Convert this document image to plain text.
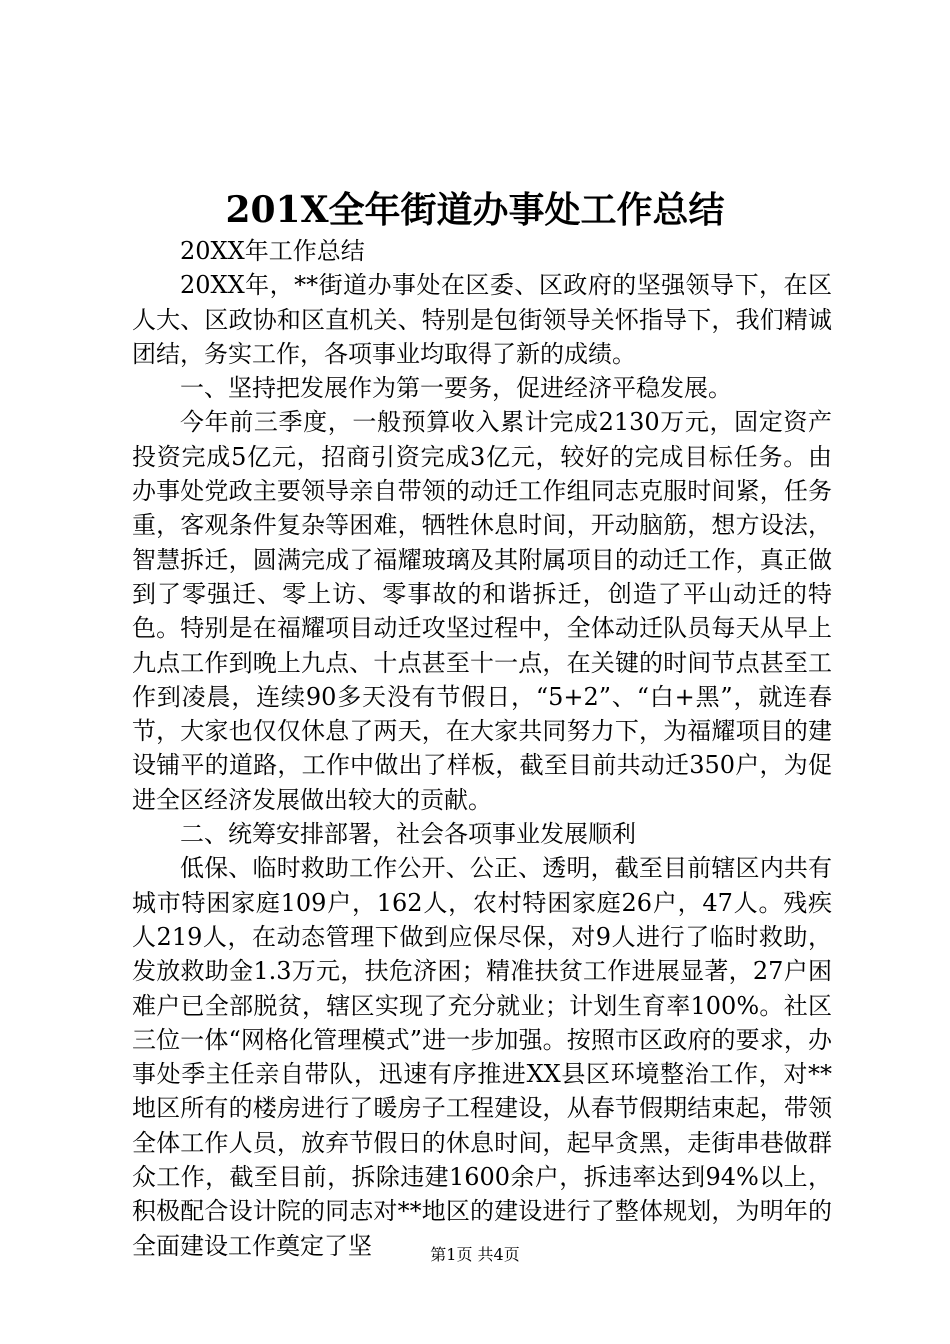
201X全年街道办事处工作总结

20XX年工作总结

20XX年，**街道办事处在区委、区政府的坚强领导下，在区人大、区政协和区直机关、特别是包街领导关怀指导下，我们精诚团结，务实工作，各项事业均取得了新的成绩。

一、坚持把发展作为第一要务，促进经济平稳发展。

今年前三季度，一般预算收入累计完成2130万元，固定资产投资完成5亿元，招商引资完成3亿元，较好的完成目标任务。由办事处党政主要领导亲自带领的动迁工作组同志克服时间紧，任务重，客观条件复杂等困难，牺牲休息时间，开动脑筋，想方设法，智慧拆迁，圆满完成了福耀玻璃及其附属项目的动迁工作，真正做到了零强迁、零上访、零事故的和谐拆迁，创造了平山动迁的特色。特别是在福耀项目动迁攻坚过程中，全体动迁队员每天从早上九点工作到晚上九点、十点甚至十一点，在关键的时间节点甚至工作到凌晨，连续90多天没有节假日，“5+2”、“白+黑”，就连春节，大家也仅仅休息了两天，在大家共同努力下，为福耀项目的建设铺平的道路，工作中做出了样板，截至目前共动迁350户，为促进全区经济发展做出较大的贡献。

二、统筹安排部署，社会各项事业发展顺利

低保、临时救助工作公开、公正、透明，截至目前辖区内共有城市特困家庭109户，162人，农村特困家庭26户，47人。残疾人219人，在动态管理下做到应保尽保，对9人进行了临时救助，发放救助金1.3万元，扶危济困；精准扶贫工作进展显著，27户困难户已全部脱贫，辖区实现了充分就业；计划生育率100%。社区三位一体“网格化管理模式”进一步加强。按照市区政府的要求，办事处季主任亲自带队，迅速有序推进XX县区环境整治工作，对**地区所有的楼房进行了暖房子工程建设，从春节假期结束起，带领全体工作人员，放弃节假日的休息时间，起早贪黑，走街串巷做群众工作，截至目前，拆除违建1600余户，拆违率达到94%以上，积极配合设计院的同志对**地区的建设进行了整体规划，为明年的全面建设工作奠定了坚	第1页 共4页
